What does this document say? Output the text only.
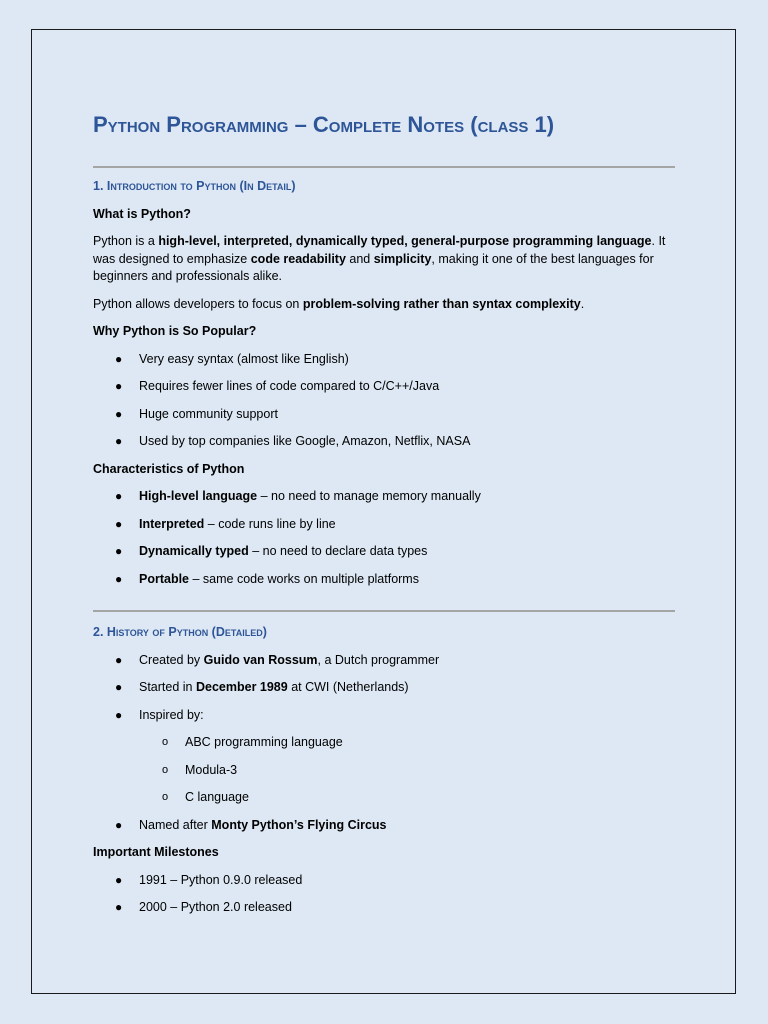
Python Programming – Complete Notes (class 1)
1. Introduction to Python (In Detail)

What is Python?

Python is a high-level, interpreted, dynamically typed, general-purpose programming language. It was designed to emphasize code readability and simplicity, making it one of the best languages for beginners and professionals alike.

Python allows developers to focus on problem-solving rather than syntax complexity.

Why Python is So Popular?

● Very easy syntax (almost like English)
● Requires fewer lines of code compared to C/C++/Java
● Huge community support
● Used by top companies like Google, Amazon, Netflix, NASA

Characteristics of Python

● High-level language – no need to manage memory manually
● Interpreted – code runs line by line
● Dynamically typed – no need to declare data types
● Portable – same code works on multiple platforms
2. History of Python (Detailed)
● Created by Guido van Rossum, a Dutch programmer
● Started in December 1989 at CWI (Netherlands)
● Inspired by:
o ABC programming language
o Modula-3
o C language
● Named after Monty Python’s Flying Circus

Important Milestones

● 1991 – Python 0.9.0 released
● 2000 – Python 2.0 released
